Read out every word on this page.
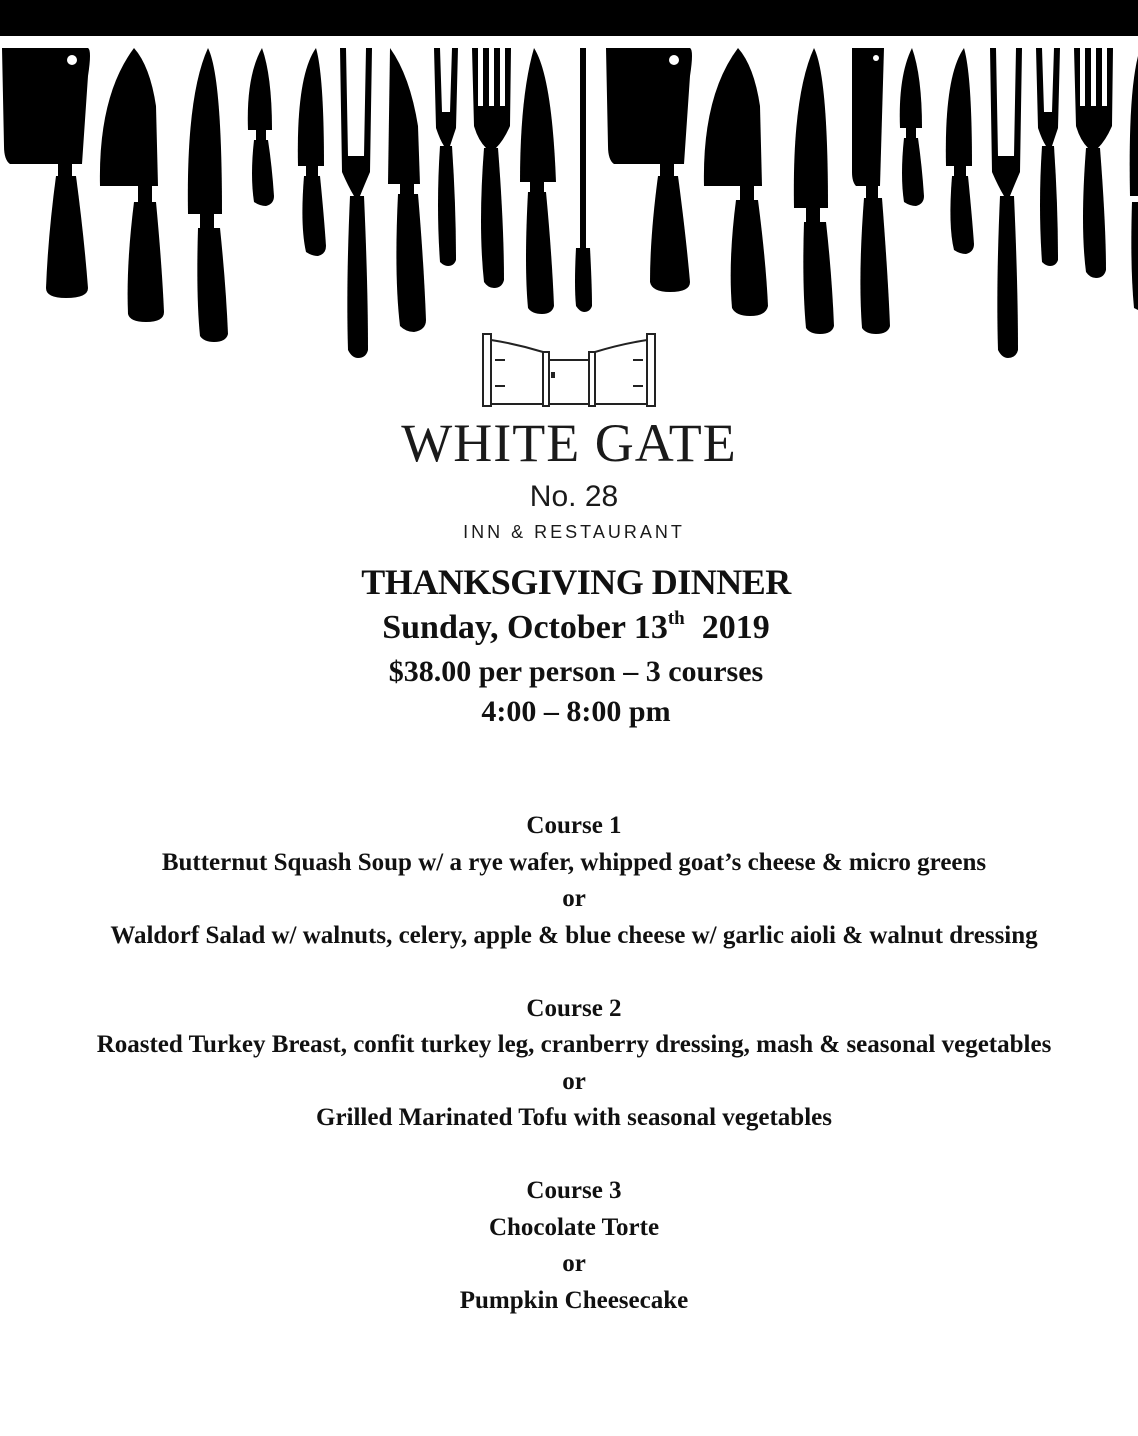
WHITE GATE
No. 28
INN & RESTAURANT
THANKSGIVING DINNER
Sunday, October 13th 2019
$38.00 per person – 3 courses
4:00 – 8:00 pm
Course 1
Butternut Squash Soup w/ a rye wafer, whipped goat’s cheese & micro greens
or
Waldorf Salad w/ walnuts, celery, apple & blue cheese w/ garlic aioli & walnut dressing
Course 2
Roasted Turkey Breast, confit turkey leg, cranberry dressing, mash & seasonal vegetables
or
Grilled Marinated Tofu with seasonal vegetables
Course 3
Chocolate Torte
or
Pumpkin Cheesecake
